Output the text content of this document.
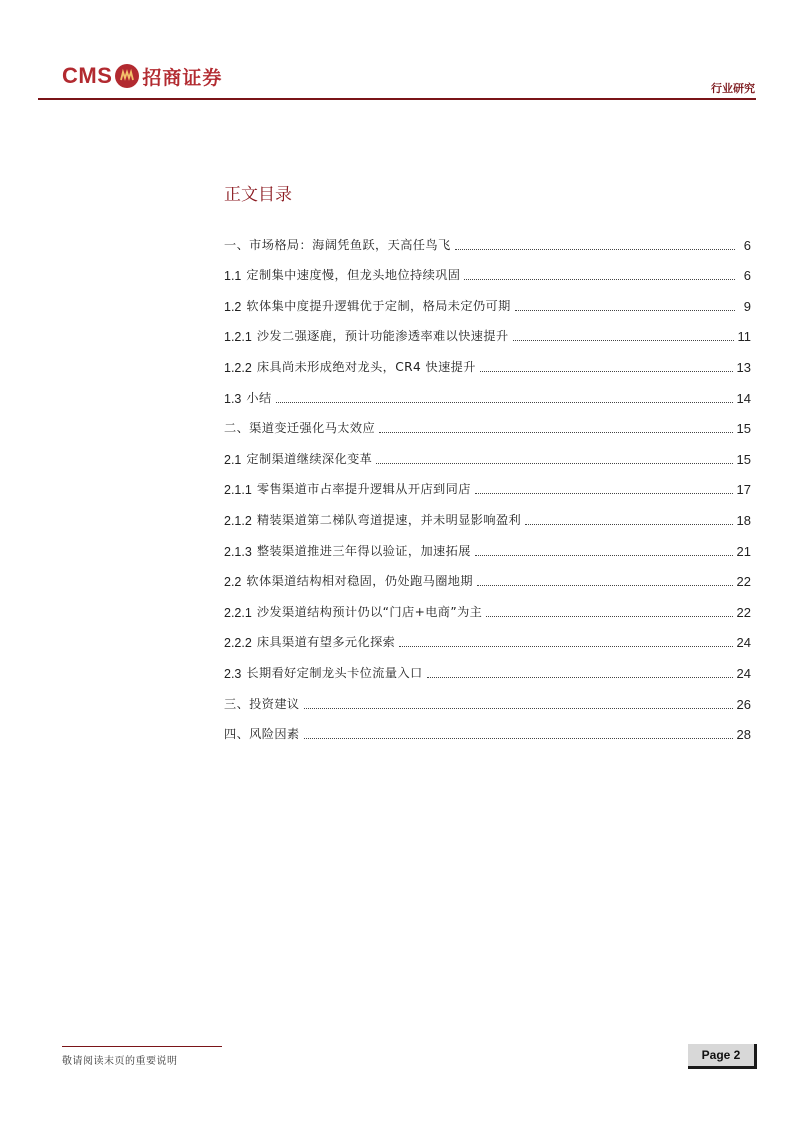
CMS 招商证券	行业研究
正文目录
一、市场格局：海阔凭鱼跃，天高任鸟飞	6
1.1 定制集中速度慢，但龙头地位持续巩固	6
1.2 软体集中度提升逻辑优于定制，格局未定仍可期	9
1.2.1 沙发二强逐鹿，预计功能渗透率难以快速提升	11
1.2.2 床具尚未形成绝对龙头，CR4 快速提升	13
1.3 小结	14
二、渠道变迁强化马太效应	15
2.1 定制渠道继续深化变革	15
2.1.1 零售渠道市占率提升逻辑从开店到同店	17
2.1.2 精装渠道第二梯队弯道提速，并未明显影响盈利	18
2.1.3 整装渠道推进三年得以验证，加速拓展	21
2.2 软体渠道结构相对稳固，仍处跑马圈地期	22
2.2.1 沙发渠道结构预计仍以“门店+电商”为主	22
2.2.2 床具渠道有望多元化探索	24
2.3 长期看好定制龙头卡位流量入口	24
三、投资建议	26
四、风险因素	28
敬请阅读末页的重要说明	Page 2
